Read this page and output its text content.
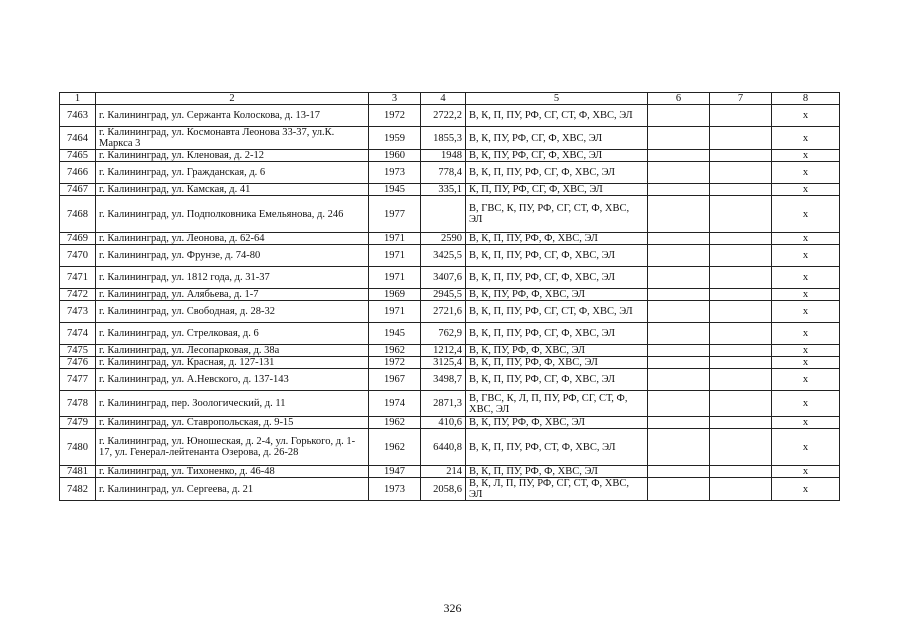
1	2	3	4	5	6	7	8
7463	г. Калининград, ул. Сержанта Колоскова, д. 13-17	1972	2722,2	В, К, П, ПУ, РФ, СГ, СТ, Ф, ХВС, ЭЛ			х
7464	г. Калининград, ул. Космонавта Леонова 33-37, ул.К. Маркса 3	1959	1855,3	В, К, ПУ, РФ, СГ, Ф, ХВС, ЭЛ			х
7465	г. Калининград, ул. Кленовая, д. 2-12	1960	1948	В, К, ПУ, РФ, СГ, Ф, ХВС, ЭЛ			х
7466	г. Калининград, ул. Гражданская, д. 6	1973	778,4	В, К, П, ПУ, РФ, СГ, Ф, ХВС, ЭЛ			х
7467	г. Калининград, ул. Камская, д. 41	1945	335,1	К, П, ПУ, РФ, СГ, Ф, ХВС, ЭЛ			х
7468	г. Калининград, ул. Подполковника Емельянова, д. 246	1977		В, ГВС, К, ПУ, РФ, СГ, СТ, Ф, ХВС, ЭЛ			х
7469	г. Калининград, ул. Леонова, д. 62-64	1971	2590	В, К, П, ПУ, РФ, Ф, ХВС, ЭЛ			х
7470	г. Калининград, ул. Фрунзе, д. 74-80	1971	3425,5	В, К, П, ПУ, РФ, СГ, Ф, ХВС, ЭЛ			х
7471	г. Калининград, ул. 1812 года, д. 31-37	1971	3407,6	В, К, П, ПУ, РФ, СГ, Ф, ХВС, ЭЛ			х
7472	г. Калининград, ул. Алябьева, д. 1-7	1969	2945,5	В, К, ПУ, РФ, Ф, ХВС, ЭЛ			х
7473	г. Калининград, ул. Свободная, д. 28-32	1971	2721,6	В, К, П, ПУ, РФ, СГ, СТ, Ф, ХВС, ЭЛ			х
7474	г. Калининград, ул. Стрелковая, д. 6	1945	762,9	В, К, П, ПУ, РФ, СГ, Ф, ХВС, ЭЛ			х
7475	г. Калининград, ул. Лесопарковая, д. 38а	1962	1212,4	В, К, ПУ, РФ, Ф, ХВС, ЭЛ			х
7476	г. Калининград, ул. Красная, д. 127-131	1972	3125,4	В, К, П, ПУ, РФ, Ф, ХВС, ЭЛ			х
7477	г. Калининград, ул. А.Невского, д. 137-143	1967	3498,7	В, К, П, ПУ, РФ, СГ, Ф, ХВС, ЭЛ			х
7478	г. Калининград, пер. Зоологический, д. 11	1974	2871,3	В, ГВС, К, Л, П, ПУ, РФ, СГ, СТ, Ф, ХВС, ЭЛ			х
7479	г. Калининград, ул. Ставропольская, д. 9-15	1962	410,6	В, К, ПУ, РФ, Ф, ХВС, ЭЛ			х
7480	г. Калининград, ул. Юношеская, д. 2-4, ул. Горького, д. 1-17, ул. Генерал-лейтенанта Озерова, д. 26-28	1962	6440,8	В, К, П, ПУ, РФ, СТ, Ф, ХВС, ЭЛ			х
7481	г. Калининград, ул. Тихоненко, д. 46-48	1947	214	В, К, П, ПУ, РФ, Ф, ХВС, ЭЛ			х
7482	г. Калининград, ул. Сергеева, д. 21	1973	2058,6	В, К, Л, П, ПУ, РФ, СГ, СТ, Ф, ХВС, ЭЛ			х
326
